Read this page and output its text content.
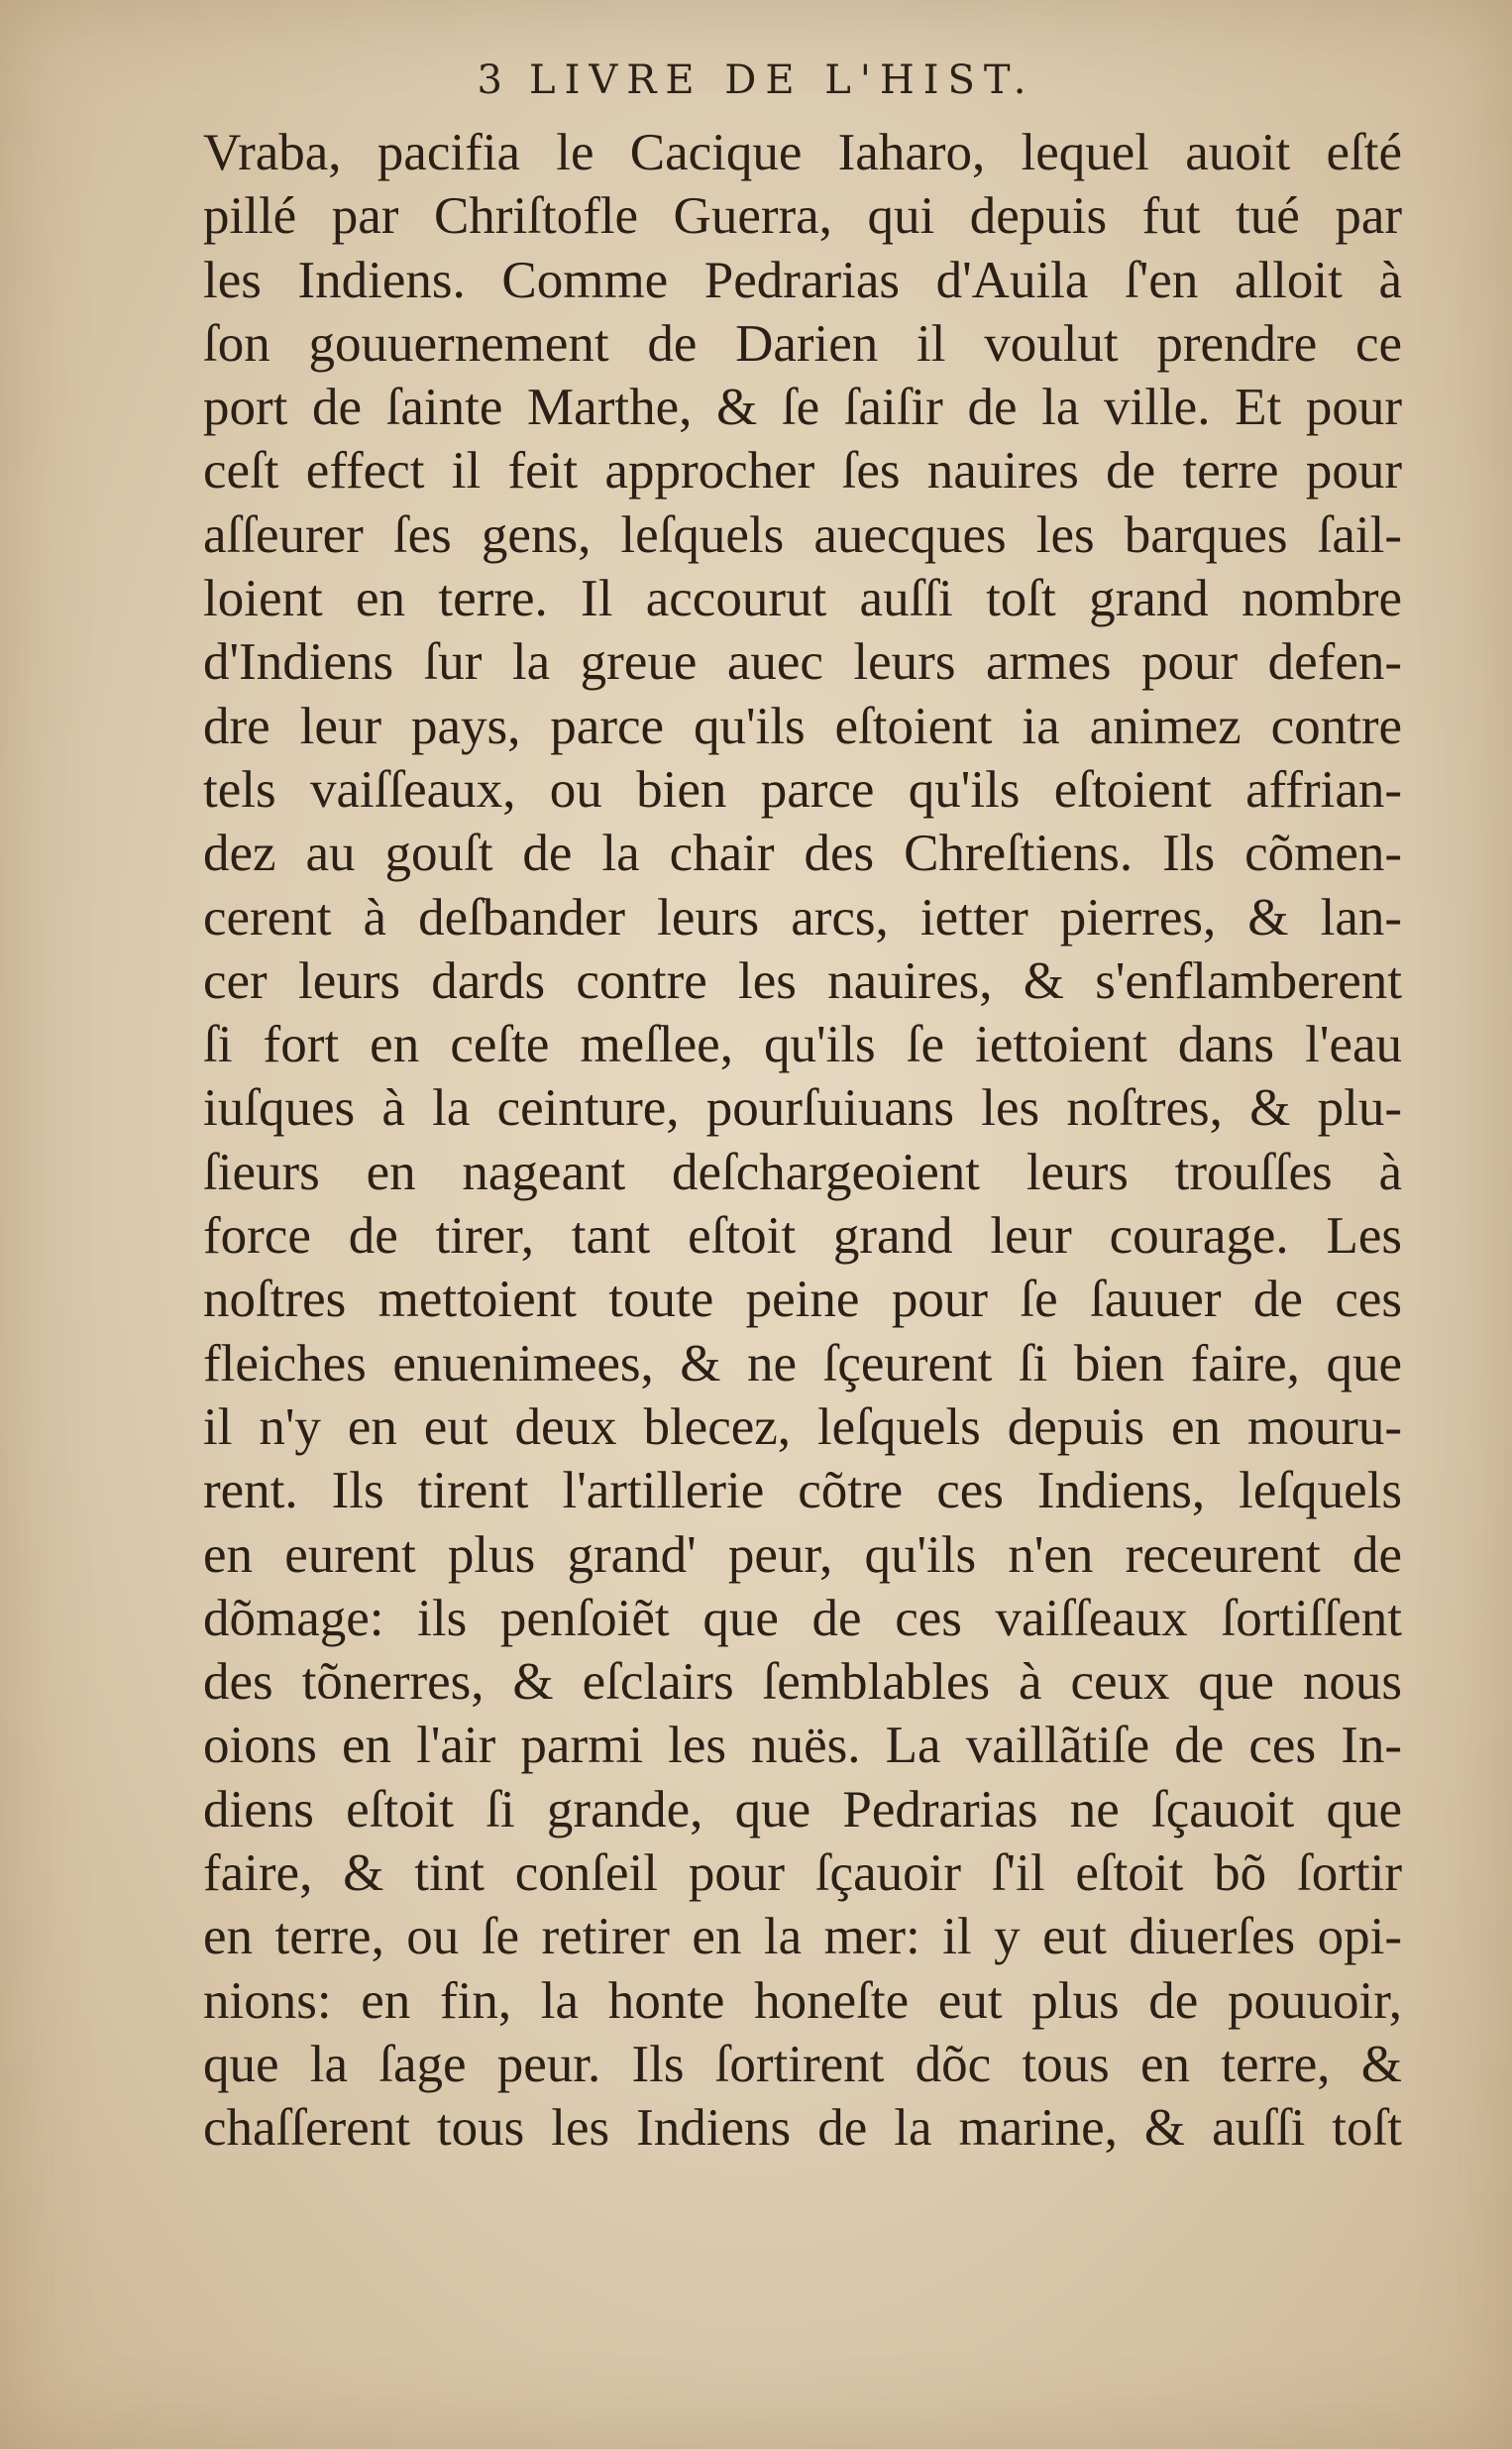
3 LIVRE DE L'HIST.
Vraba, pacifia le Cacique Iaharo, lequel auoit eſté
pillé par Chriſtofle Guerra, qui depuis fut tué par
les Indiens. Comme Pedrarias d'Auila ſ'en alloit à
ſon gouuernement de Darien il voulut prendre ce
port de ſainte Marthe, & ſe ſaiſir de la ville. Et pour
ceſt effect il feit approcher ſes nauires de terre pour
aſſeurer ſes gens, leſquels auecques les barques ſail-
loient en terre. Il accourut auſſi toſt grand nombre
d'Indiens ſur la greue auec leurs armes pour defen-
dre leur pays, parce qu'ils eſtoient ia animez contre
tels vaiſſeaux, ou bien parce qu'ils eſtoient affrian-
dez au gouſt de la chair des Chreſtiens. Ils cõmen-
cerent à deſbander leurs arcs, ietter pierres, & lan-
cer leurs dards contre les nauires, & s'enflamberent
ſi fort en ceſte meſlee, qu'ils ſe iettoient dans l'eau
iuſques à la ceinture, pourſuiuans les noſtres, & plu-
ſieurs en nageant deſchargeoient leurs trouſſes à
force de tirer, tant eſtoit grand leur courage. Les
noſtres mettoient toute peine pour ſe ſauuer de ces
fleiches enuenimees, & ne ſçeurent ſi bien faire, que
il n'y en eut deux blecez, leſquels depuis en mouru-
rent. Ils tirent l'artillerie cõtre ces Indiens, leſquels
en eurent plus grand' peur, qu'ils n'en receurent de
dõmage: ils penſoiẽt que de ces vaiſſeaux ſortiſſent
des tõnerres, & eſclairs ſemblables à ceux que nous
oions en l'air parmi les nuës. La vaillãtiſe de ces In-
diens eſtoit ſi grande, que Pedrarias ne ſçauoit que
faire, & tint conſeil pour ſçauoir ſ'il eſtoit bõ ſortir
en terre, ou ſe retirer en la mer: il y eut diuerſes opi-
nions: en fin, la honte honeſte eut plus de pouuoir,
que la ſage peur. Ils ſortirent dõc tous en terre, &
chaſſerent tous les Indiens de la marine, & auſſi toſt
